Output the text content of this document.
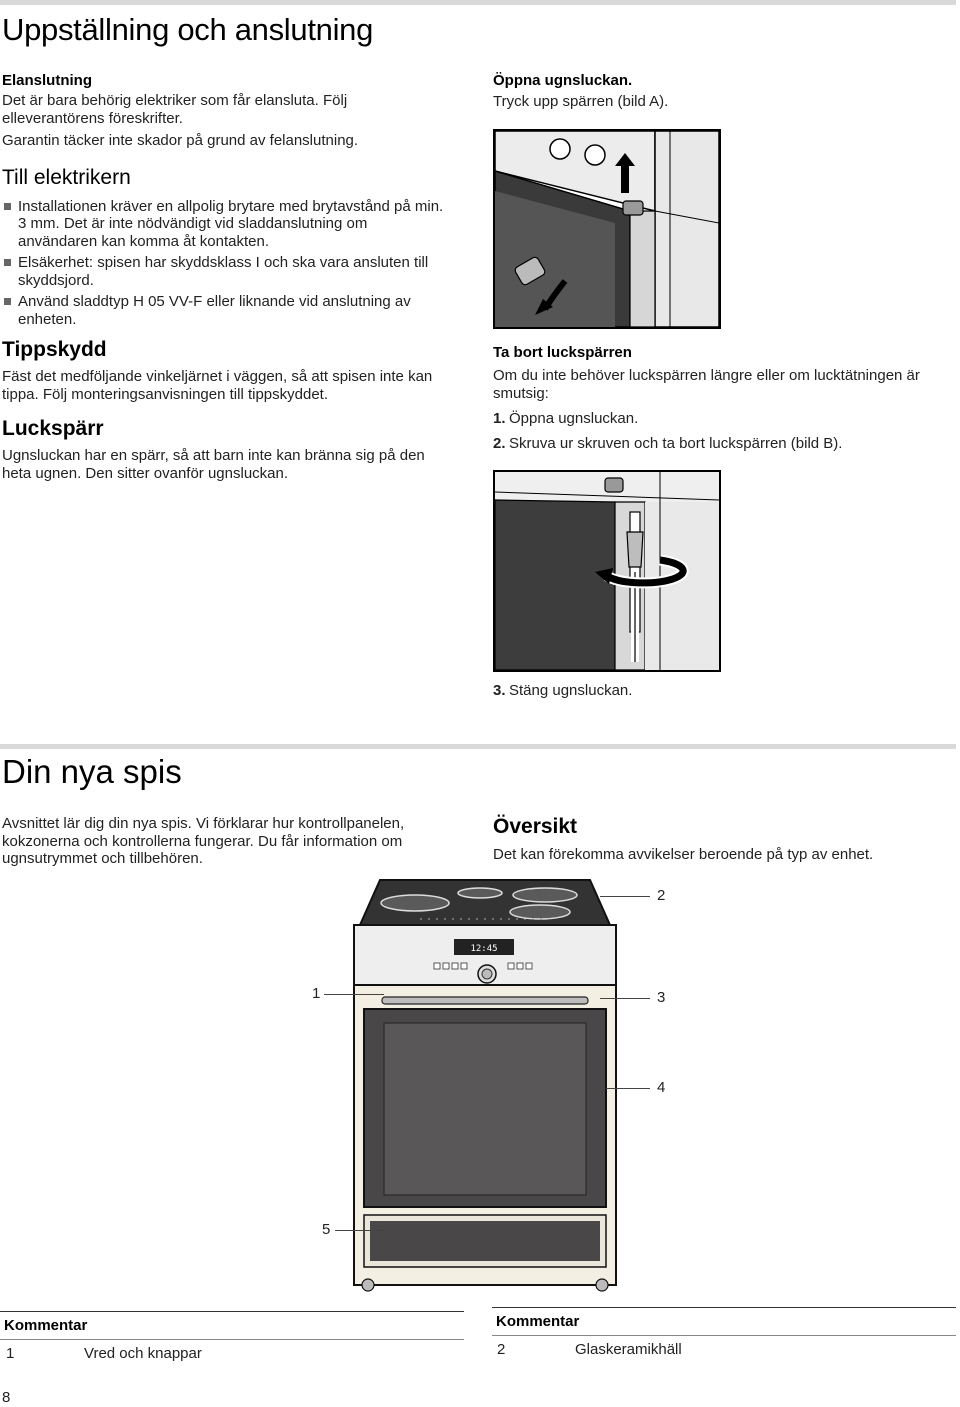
Uppställning och anslutning

Elanslutning

Det är bara behörig elektriker som får elansluta. Följ elleverantörens föreskrifter.

Garantin täcker inte skador på grund av felanslutning.

Till elektrikern

Installationen kräver en allpolig brytare med brytavstånd på min. 3 mm. Det är inte nödvändigt vid sladdanslutning om användaren kan komma åt kontakten.

Elsäkerhet: spisen har skyddsklass I och ska vara ansluten till skyddsjord.

Använd sladdtyp H 05 VV-F eller liknande vid anslutning av enheten.

Tippskydd

Fäst det medföljande vinkeljärnet i väggen, så att spisen inte kan tippa. Följ monteringsanvisningen till tippskyddet.

Luckspärr

Ugnsluckan har en spärr, så att barn inte kan bränna sig på den heta ugnen. Den sitter ovanför ugnsluckan.

Öppna ugnsluckan.

Tryck upp spärren (bild A).

Ta bort luckspärren

Om du inte behöver luckspärren längre eller om lucktätningen är smutsig:

1. Öppna ugnsluckan.

2. Skruva ur skruven och ta bort luckspärren (bild B).

3. Stäng ugnsluckan.

Din nya spis

Avsnittet lär dig din nya spis. Vi förklarar hur kontrollpanelen, kokzonerna och kontrollerna fungerar. Du får information om ugnsutrymmet och tillbehören.

Översikt

Det kan förekomma avvikelser beroende på typ av enhet.

12:45
2
1	3
4
5
Kommentar
1	Vred och knappar
Kommentar
2	Glaskeramikhäll
8
